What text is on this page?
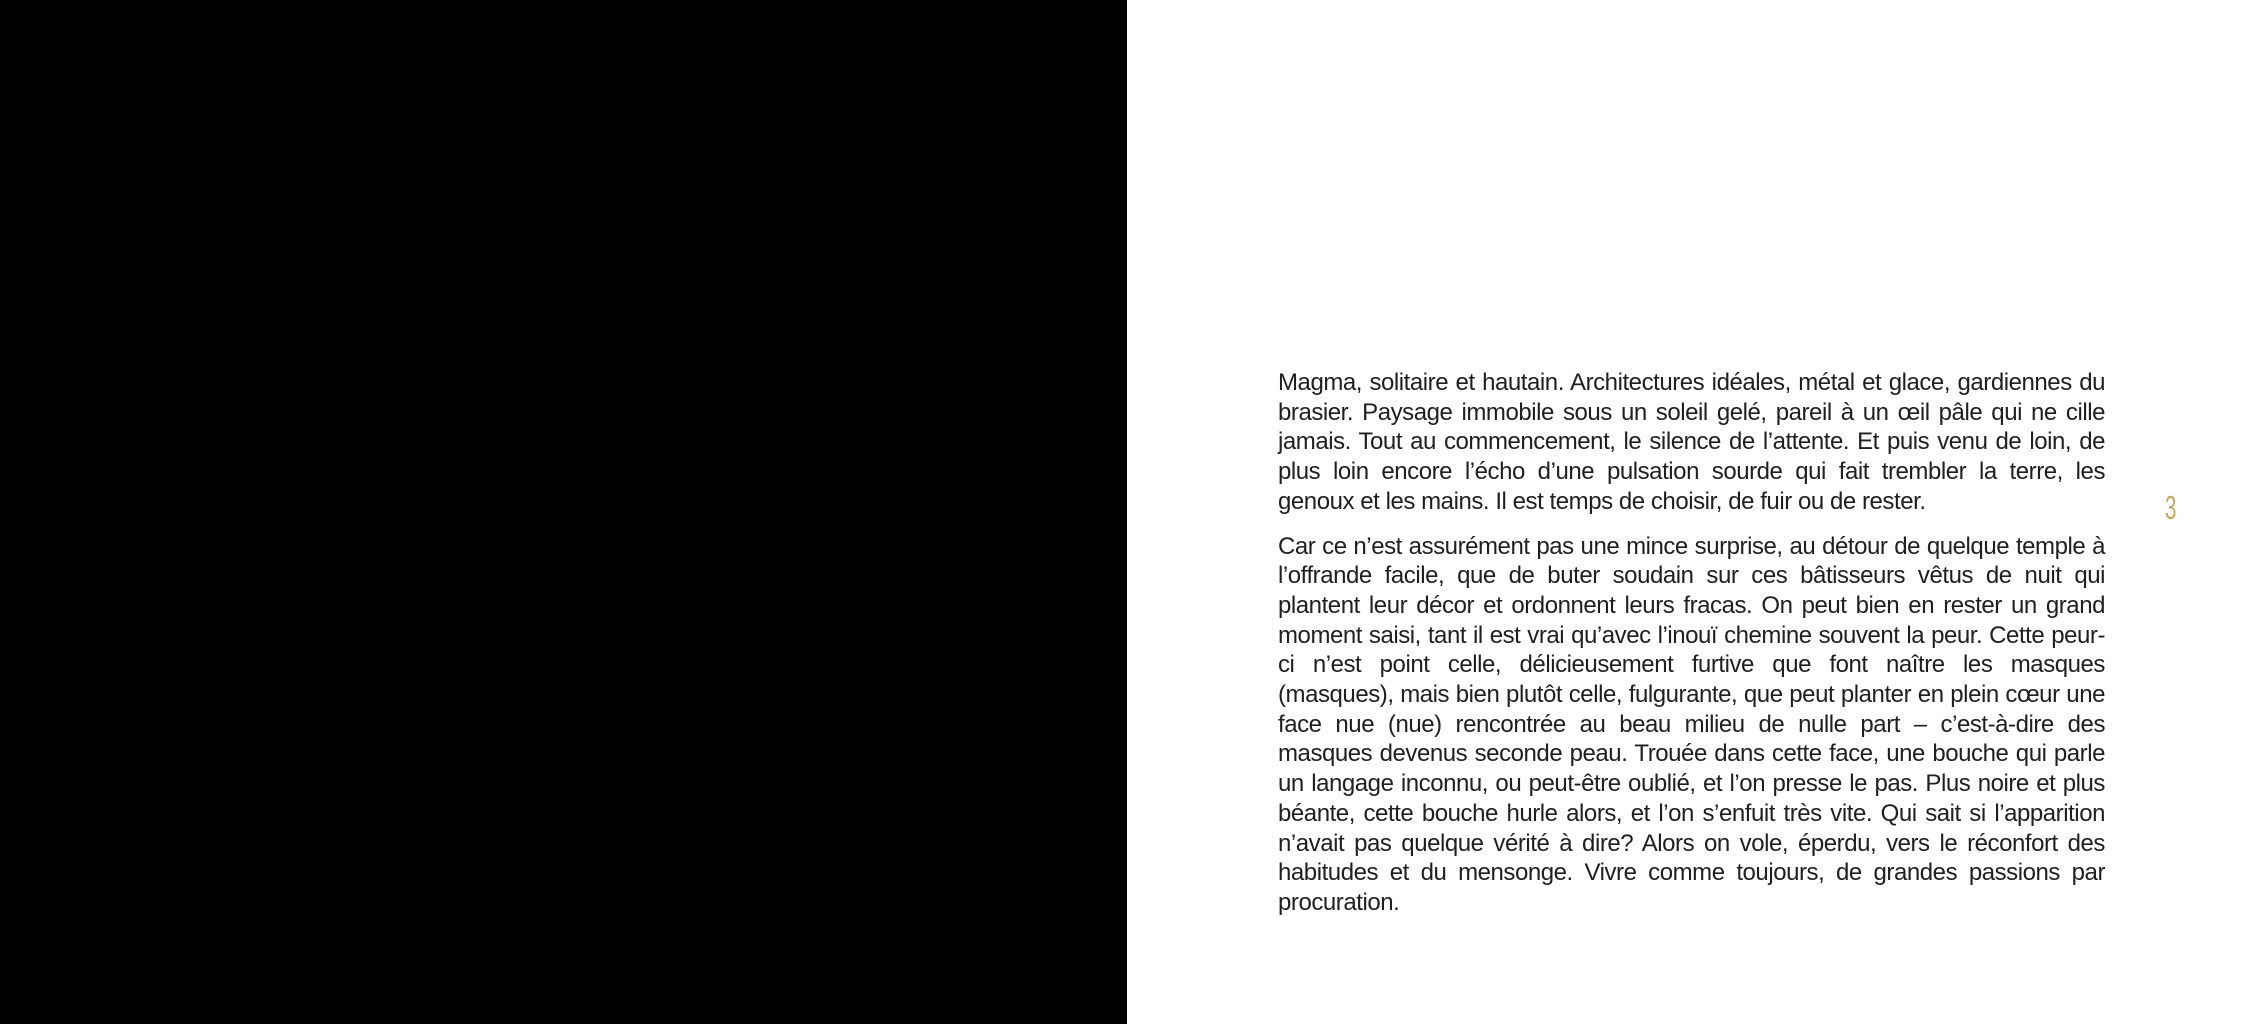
Magma, solitaire et hautain. Architectures idéales, métal et glace, gardiennes du brasier. Paysage immobile sous un soleil gelé, pareil à un œil pâle qui ne cille jamais. Tout au commencement, le silence de l’attente. Et puis venu de loin, de plus loin encore l’écho d’une pulsation sourde qui fait trembler la terre, les genoux et les mains. Il est temps de choisir, de fuir ou de rester.

Car ce n’est assurément pas une mince surprise, au détour de quelque temple à l’offrande facile, que de buter soudain sur ces bâtisseurs vêtus de nuit qui plantent leur décor et ordonnent leurs fracas. On peut bien en rester un grand moment saisi, tant il est vrai qu’avec l’inouï chemine souvent la peur. Cette peur-ci n’est point celle, délicieusement furtive que font naître les masques (masques), mais bien plutôt celle, fulgurante, que peut planter en plein cœur une face nue (nue) rencontrée au beau milieu de nulle part – c’est-à-dire des masques devenus seconde peau. Trouée dans cette face, une bouche qui parle un langage inconnu, ou peut-être oublié, et l’on presse le pas. Plus noire et plus béante, cette bouche hurle alors, et l’on s’enfuit très vite. Qui sait si l’apparition n’avait pas quelque vérité à dire? Alors on vole, éperdu, vers le réconfort des habitudes et du mensonge. Vivre comme toujours, de grandes passions par procuration.

3
